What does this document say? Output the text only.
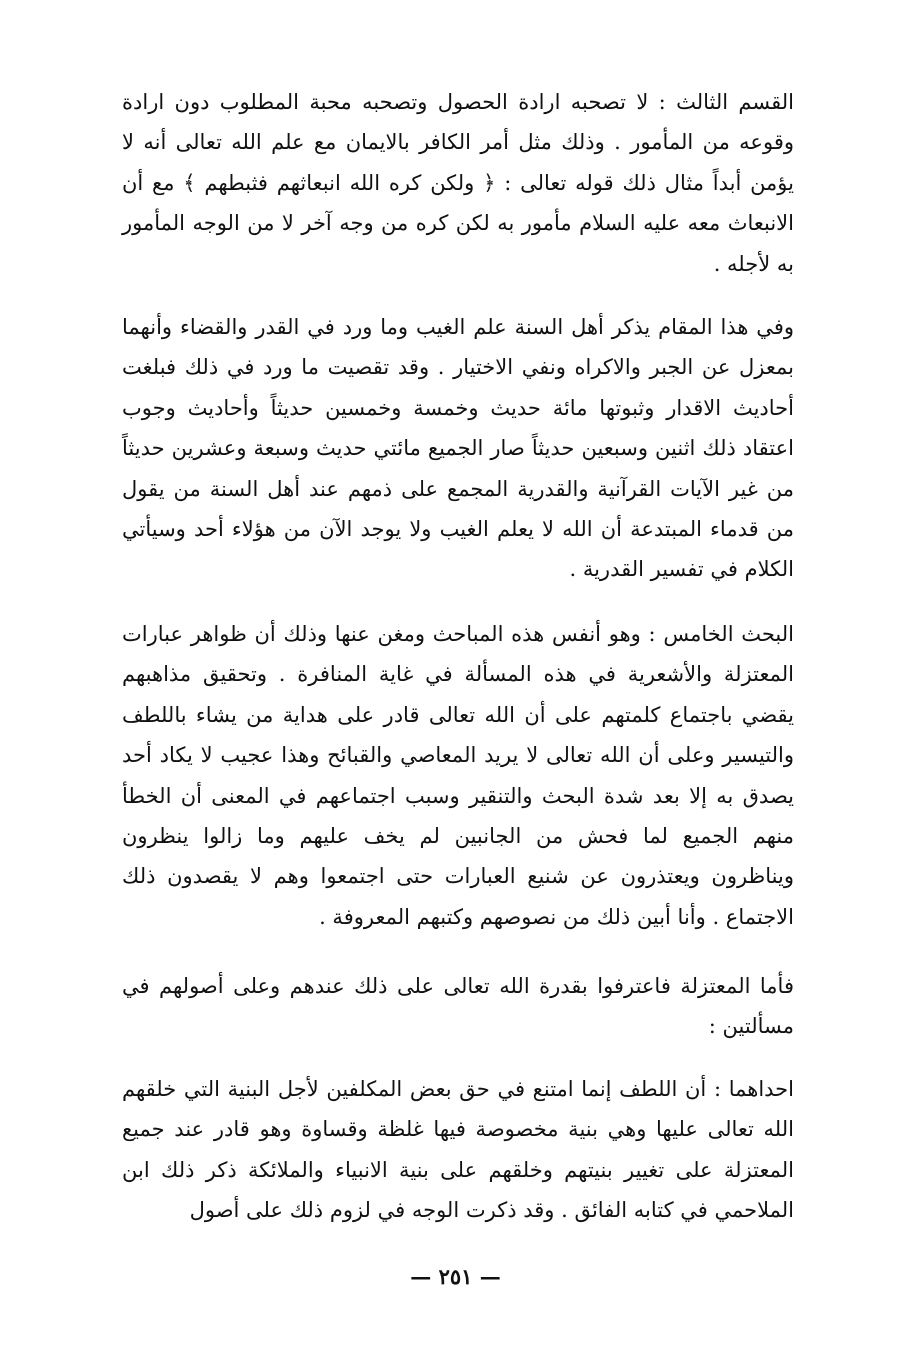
القسم الثالث : لا تصحبه ارادة الحصول وتصحبه محبة المطلوب دون ارادة وقوعه من المأمور . وذلك مثل أمر الكافر بالايمان مع علم الله تعالى أنه لا يؤمن أبداً مثال ذلك قوله تعالى : ﴿ ولكن كره الله انبعاثهم فثبطهم ﴾ مع أن الانبعاث معه عليه السلام مأمور به لكن كره من وجه آخر لا من الوجه المأمور به لأجله .

وفي هذا المقام يذكر أهل السنة علم الغيب وما ورد في القدر والقضاء وأنهما بمعزل عن الجبر والاكراه ونفي الاختيار . وقد تقصيت ما ورد في ذلك فبلغت أحاديث الاقدار وثبوتها مائة حديث وخمسة وخمسين حديثاً وأحاديث وجوب اعتقاد ذلك اثنين وسبعين حديثاً صار الجميع مائتي حديث وسبعة وعشرين حديثاً من غير الآيات القرآنية والقدرية المجمع على ذمهم عند أهل السنة من يقول من قدماء المبتدعة أن الله لا يعلم الغيب ولا يوجد الآن من هؤلاء أحد وسيأتي الكلام في تفسير القدرية .

البحث الخامس : وهو أنفس هذه المباحث ومغن عنها وذلك أن ظواهر عبارات المعتزلة والأشعرية في هذه المسألة في غاية المنافرة . وتحقيق مذاهبهم يقضي باجتماع كلمتهم على أن الله تعالى قادر على هداية من يشاء باللطف والتيسير وعلى أن الله تعالى لا يريد المعاصي والقبائح وهذا عجيب لا يكاد أحد يصدق به إلا بعد شدة البحث والتنقير وسبب اجتماعهم في المعنى أن الخطأ منهم الجميع لما فحش من الجانبين لم يخف عليهم وما زالوا ينظرون ويناظرون ويعتذرون عن شنيع العبارات حتى اجتمعوا وهم لا يقصدون ذلك الاجتماع . وأنا أبين ذلك من نصوصهم وكتبهم المعروفة .

فأما المعتزلة فاعترفوا بقدرة الله تعالى على ذلك عندهم وعلى أصولهم في مسألتين :

احداهما : أن اللطف إنما امتنع في حق بعض المكلفين لأجل البنية التي خلقهم الله تعالى عليها وهي بنية مخصوصة فيها غلظة وقساوة وهو قادر عند جميع المعتزلة على تغيير بنيتهم وخلقهم على بنية الانبياء والملائكة ذكر ذلك ابن الملاحمي في كتابه الفائق . وقد ذكرت الوجه في لزوم ذلك على أصول

— ٢٥١ —
